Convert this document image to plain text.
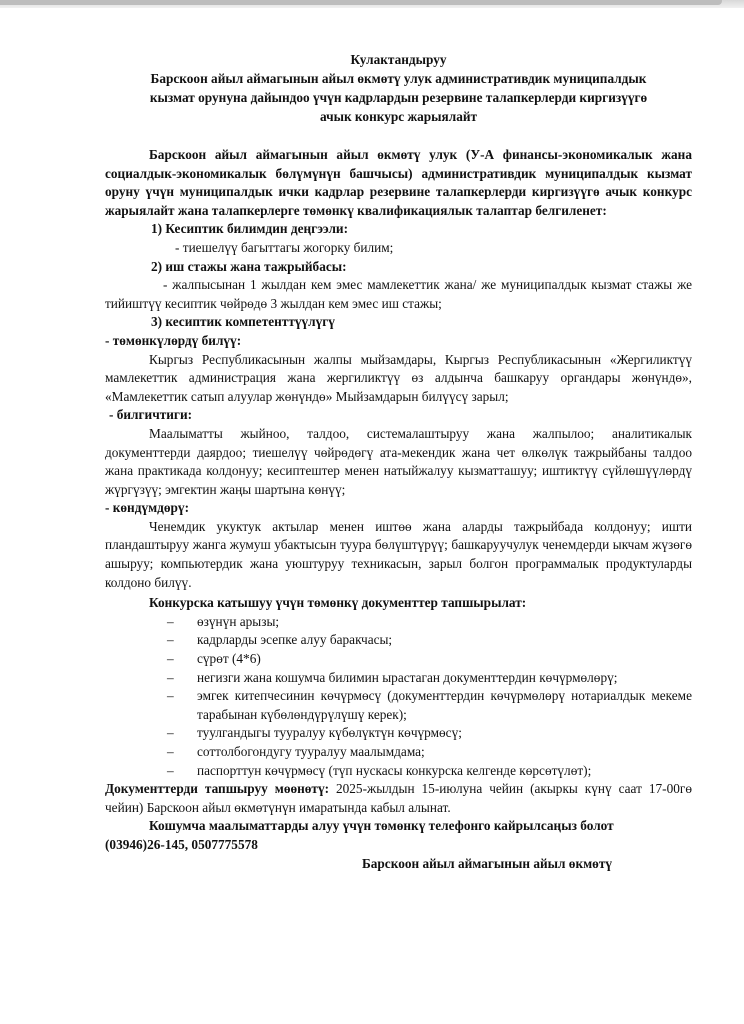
Кулактандыруу

Барскоон айыл аймагынын айыл өкмөтү улук административдик муниципалдык

кызмат орунуна дайындоо үчүн кадрлардын резервине талапкерлерди киргизүүгө

ачык конкурс жарыялайт

Барскоон айыл аймагынын айыл өкмөтү улук (У-А финансы-экономикалык жана социалдык-экономикалык бөлүмүнүн башчысы) административдик муниципалдык кызмат оруну үчүн муниципалдык ички кадрлар резервине талапкерлерди киргизүүгө ачык конкурс жарыялайт жана талапкерлерге төмөнкү квалификациялык талаптар белгиленет:

1) Кесиптик билимдин деңгээли:

- тиешелүү багыттагы жогорку билим;

2) иш стажы жана тажрыйбасы:

- жалпысынан 1 жылдан кем эмес мамлекеттик жана/ же муниципалдык кызмат стажы же тийиштүү кесиптик чөйрөдө 3 жылдан кем эмес иш стажы;

3) кесиптик компетенттүүлүгү

- төмөнкүлөрдү билүү:

Кыргыз Республикасынын жалпы мыйзамдары, Кыргыз Республикасынын «Жергиликтүү мамлекеттик администрация жана жергиликтүү өз алдынча башкаруу органдары жөнүндө», «Мамлекеттик сатып алуулар жөнүндө» Мыйзамдарын билүүсү зарыл;

- билгичтиги:

Маалыматты жыйноо, талдоо, системалаштыруу жана жалпылоо; аналитикалык документтерди даярдоо; тиешелүү чөйрөдөгү ата-мекендик жана чет өлкөлүк тажрыйбаны талдоо жана практикада колдонуу; кесиптештер менен натыйжалуу кызматташуу; иштиктүү сүйлөшүүлөрдү жүргүзүү; эмгектин жаңы шартына көнүү;

- көндүмдөрү:

Ченемдик укуктук актылар менен иштөө жана аларды тажрыйбада колдонуу; ишти пландаштыруу жанга жумуш убактысын туура бөлүштүрүү; башкаруучулук ченемдерди ыкчам жүзөгө ашыруу; компьютердик жана уюштуруу техникасын, зарыл болгон программалык продуктуларды колдоно билүү.

Конкурска катышуу үчүн төмөнкү документтер тапшырылат:

– өзүнүн арызы;
– кадрларды эсепке алуу баракчасы;
– сүрөт (4*6)
– негизги жана кошумча билимин ырастаган документтердин көчүрмөлөрү;
– эмгек китепчесинин көчүрмөсү (документтердин көчүрмөлөрү нотариалдык мекеме тарабынан күбөлөндүрүлүшү керек);
– туулгандыгы тууралуу күбөлүктүн көчүрмөсү;
– соттолбогондугу тууралуу маалымдама;
– паспорттун көчүрмөсү (түп нускасы конкурска келгенде көрсөтүлөт);

Документтерди тапшыруу мөөнөтү: 2025-жылдын 15-июлуна чейин (акыркы күнү саат 17-00гө чейин) Барскоон айыл өкмөтүнүн имаратында кабыл алынат.

Кошумча маалыматтарды алуу үчүн төмөнкү телефонго кайрылсаңыз болот

(03946)26-145, 0507775578

Барскоон айыл аймагынын айыл өкмөтү
